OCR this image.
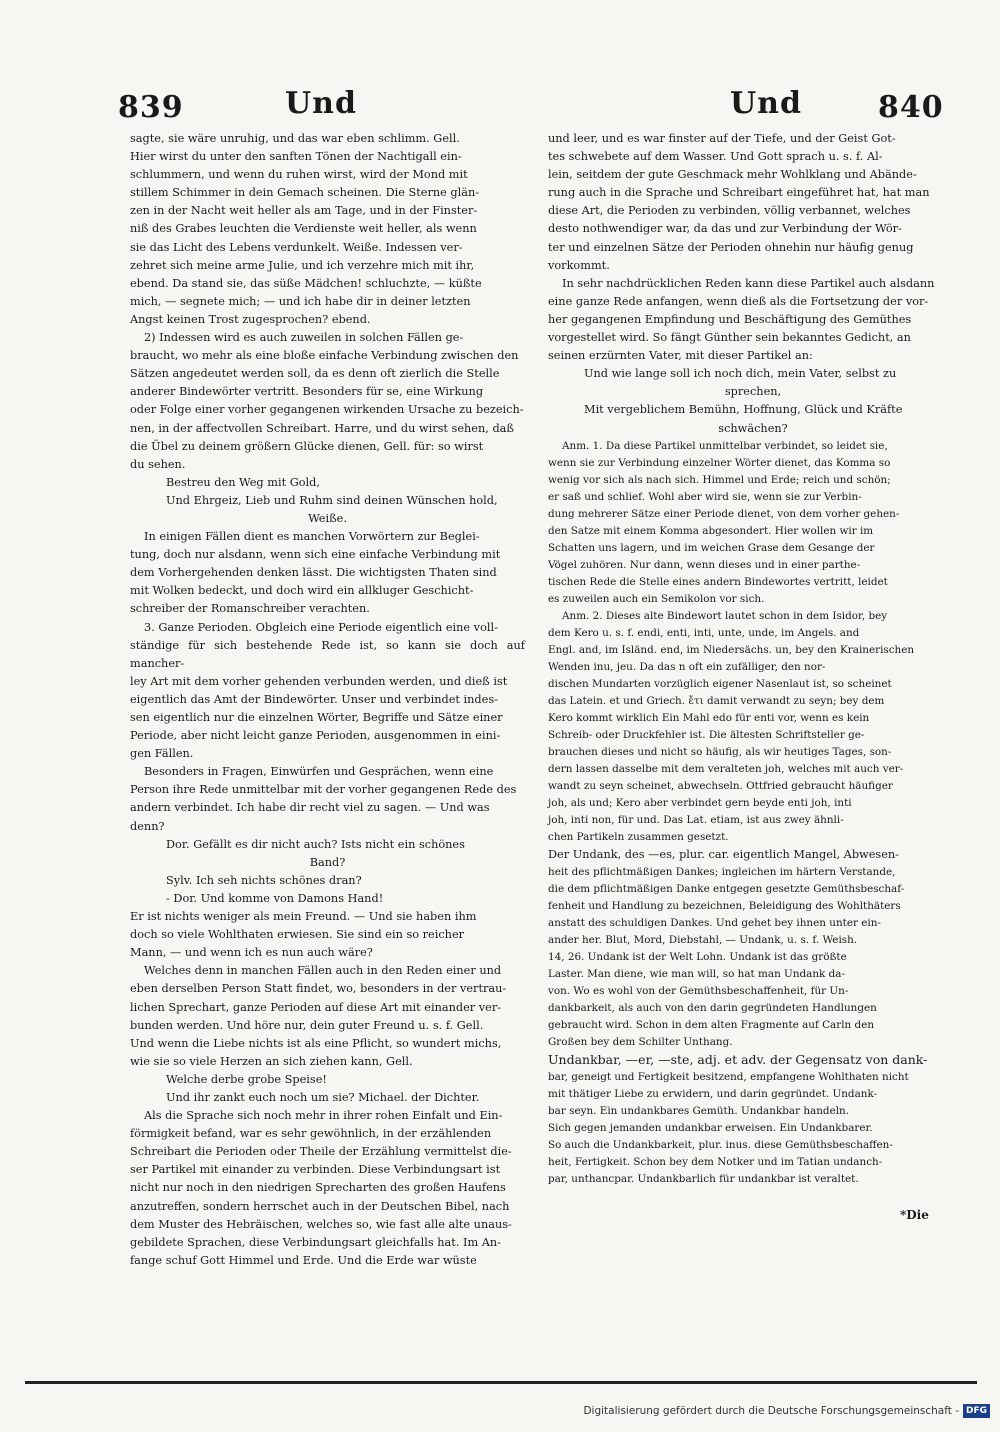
839	Und	Und	840

sagte, sie wäre unruhig, und das war eben schlimm. Gell.

Hier wirst du unter den sanften Tönen der Nachtigall ein-

schlummern, und wenn du ruhen wirst, wird der Mond mit

stillem Schimmer in dein Gemach scheinen. Die Sterne glän-

zen in der Nacht weit heller als am Tage, und in der Finster-

niß des Grabes leuchten die Verdienste weit heller, als wenn

sie das Licht des Lebens verdunkelt. Weiße. Indessen ver-

zehret sich meine arme Julie, und ich verzehre mich mit ihr,

ebend. Da stand sie, das süße Mädchen! schluchzte, — küßte

mich, — segnete mich; — und ich habe dir in deiner letzten

Angst keinen Trost zugesprochen? ebend.

2) Indessen wird es auch zuweilen in solchen Fällen ge-

braucht, wo mehr als eine bloße einfache Verbindung zwischen den

Sätzen angedeutet werden soll, da es denn oft zierlich die Stelle

anderer Bindewörter vertritt. Besonders für se, eine Wirkung

oder Folge einer vorher gegangenen wirkenden Ursache zu bezeich-

nen, in der affectvollen Schreibart. Harre, und du wirst sehen, daß

die Übel zu deinem größern Glücke dienen, Gell. für: so wirst

du sehen.

Bestreu den Weg mit Gold,

Und Ehrgeiz, Lieb und Ruhm sind deinen Wünschen hold,

Weiße.

In einigen Fällen dient es manchen Vorwörtern zur Beglei-

tung, doch nur alsdann, wenn sich eine einfache Verbindung mit

dem Vorhergehenden denken lässt. Die wichtigsten Thaten sind

mit Wolken bedeckt, und doch wird ein allkluger Geschicht-

schreiber der Romanschreiber verachten.

3. Ganze Perioden. Obgleich eine Periode eigentlich eine voll-

ständige für sich bestehende Rede ist, so kann sie doch auf mancher-

ley Art mit dem vorher gehenden verbunden werden, und dieß ist

eigentlich das Amt der Bindewörter. Unser und verbindet indes-

sen eigentlich nur die einzelnen Wörter, Begriffe und Sätze einer

Periode, aber nicht leicht ganze Perioden, ausgenommen in eini-

gen Fällen.

Besonders in Fragen, Einwürfen und Gesprächen, wenn eine

Person ihre Rede unmittelbar mit der vorher gegangenen Rede des

andern verbindet. Ich habe dir recht viel zu sagen. — Und was

denn?

Dor. Gefällt es dir nicht auch? Ists nicht ein schönes

Band?

Sylv. Ich seh nichts schönes dran?

- Dor. Und komme von Damons Hand!

Er ist nichts weniger als mein Freund. — Und sie haben ihm

doch so viele Wohlthaten erwiesen. Sie sind ein so reicher

Mann, — und wenn ich es nun auch wäre?

Welches denn in manchen Fällen auch in den Reden einer und

eben derselben Person Statt findet, wo, besonders in der vertrau-

lichen Sprechart, ganze Perioden auf diese Art mit einander ver-

bunden werden. Und höre nur, dein guter Freund u. s. f. Gell.

Und wenn die Liebe nichts ist als eine Pflicht, so wundert michs,

wie sie so viele Herzen an sich ziehen kann, Gell.

Welche derbe grobe Speise!

Und ihr zankt euch noch um sie? Michael. der Dichter.

Als die Sprache sich noch mehr in ihrer rohen Einfalt und Ein-

förmigkeit befand, war es sehr gewöhnlich, in der erzählenden

Schreibart die Perioden oder Theile der Erzählung vermittelst die-

ser Partikel mit einander zu verbinden. Diese Verbindungsart ist

nicht nur noch in den niedrigen Sprecharten des großen Haufens

anzutreffen, sondern herrschet auch in der Deutschen Bibel, nach

dem Muster des Hebräischen, welches so, wie fast alle alte unaus-

gebildete Sprachen, diese Verbindungsart gleichfalls hat. Im An-

fange schuf Gott Himmel und Erde. Und die Erde war wüste

und leer, und es war finster auf der Tiefe, und der Geist Got-

tes schwebete auf dem Wasser. Und Gott sprach u. s. f. Al-

lein, seitdem der gute Geschmack mehr Wohlklang und Abände-

rung auch in die Sprache und Schreibart eingeführet hat, hat man

diese Art, die Perioden zu verbinden, völlig verbannet, welches

desto nothwendiger war, da das und zur Verbindung der Wör-

ter und einzelnen Sätze der Perioden ohnehin nur häufig genug

vorkommt.

In sehr nachdrücklichen Reden kann diese Partikel auch alsdann

eine ganze Rede anfangen, wenn dieß als die Fortsetzung der vor-

her gegangenen Empfindung und Beschäftigung des Gemüthes

vorgestellet wird. So fängt Günther sein bekanntes Gedicht, an

seinen erzürnten Vater, mit dieser Partikel an:

Und wie lange soll ich noch dich, mein Vater, selbst zu

sprechen,

Mit vergeblichem Bemühn, Hoffnung, Glück und Kräfte

schwächen?

Anm. 1. Da diese Partikel unmittelbar verbindet, so leidet sie,

wenn sie zur Verbindung einzelner Wörter dienet, das Komma so

wenig vor sich als nach sich. Himmel und Erde; reich und schön;

er saß und schlief. Wohl aber wird sie, wenn sie zur Verbin-

dung mehrerer Sätze einer Periode dienet, von dem vorher gehen-

den Satze mit einem Komma abgesondert. Hier wollen wir im

Schatten uns lagern, und im weichen Grase dem Gesange der

Vögel zuhören. Nur dann, wenn dieses und in einer parthe-

tischen Rede die Stelle eines andern Bindewortes vertritt, leidet

es zuweilen auch ein Semikolon vor sich.

Anm. 2. Dieses alte Bindewort lautet schon in dem Isidor, bey

dem Kero u. s. f. endi, enti, inti, unte, unde, im Angels. and

Engl. and, im Isländ. end, im Niedersächs. un, bey den Krainerischen

Wenden inu, jeu. Da das n oft ein zufälliger, den nor-

dischen Mundarten vorzüglich eigener Nasenlaut ist, so scheinet

das Latein. et und Griech. ἔτι damit verwandt zu seyn; bey dem

Kero kommt wirklich Ein Mahl edo für enti vor, wenn es kein

Schreib- oder Druckfehler ist. Die ältesten Schriftsteller ge-

brauchen dieses und nicht so häufig, als wir heutiges Tages, son-

dern lassen dasselbe mit dem veralteten joh, welches mit auch ver-

wandt zu seyn scheinet, abwechseln. Ottfried gebraucht häufiger

joh, als und; Kero aber verbindet gern beyde enti joh, inti

joh, inti non, für und. Das Lat. etiam, ist aus zwey ähnli-

chen Partikeln zusammen gesetzt.

Der Undank, des —es, plur. car. eigentlich Mangel, Abwesen-

heit des pflichtmäßigen Dankes; ingleichen im härtern Verstande,

die dem pflichtmäßigen Danke entgegen gesetzte Gemüthsbeschaf-

fenheit und Handlung zu bezeichnen, Beleidigung des Wohlthäters

anstatt des schuldigen Dankes. Und gehet bey ihnen unter ein-

ander her. Blut, Mord, Diebstahl, — Undank, u. s. f. Weish.

14, 26. Undank ist der Welt Lohn. Undank ist das größte

Laster. Man diene, wie man will, so hat man Undank da-

von. Wo es wohl von der Gemüthsbeschaffenheit, für Un-

dankbarkeit, als auch von den darin gegründeten Handlungen

gebraucht wird. Schon in dem alten Fragmente auf Carln den

Großen bey dem Schilter Unthang.

Undankbar, —er, —ste, adj. et adv. der Gegensatz von dank-

bar, geneigt und Fertigkeit besitzend, empfangene Wohlthaten nicht

mit thätiger Liebe zu erwidern, und darin gegründet. Undank-

bar seyn. Ein undankbares Gemüth. Undankbar handeln.

Sich gegen jemanden undankbar erweisen. Ein Undankbarer.

So auch die Undankbarkeit, plur. inus. diese Gemüthsbeschaffen-

heit, Fertigkeit. Schon bey dem Notker und im Tatian undanch-

par, unthancpar. Undankbarlich für undankbar ist veraltet.

*Die
Digitalisierung gefördert durch die Deutsche Forschungsgemeinschaft - DFG
